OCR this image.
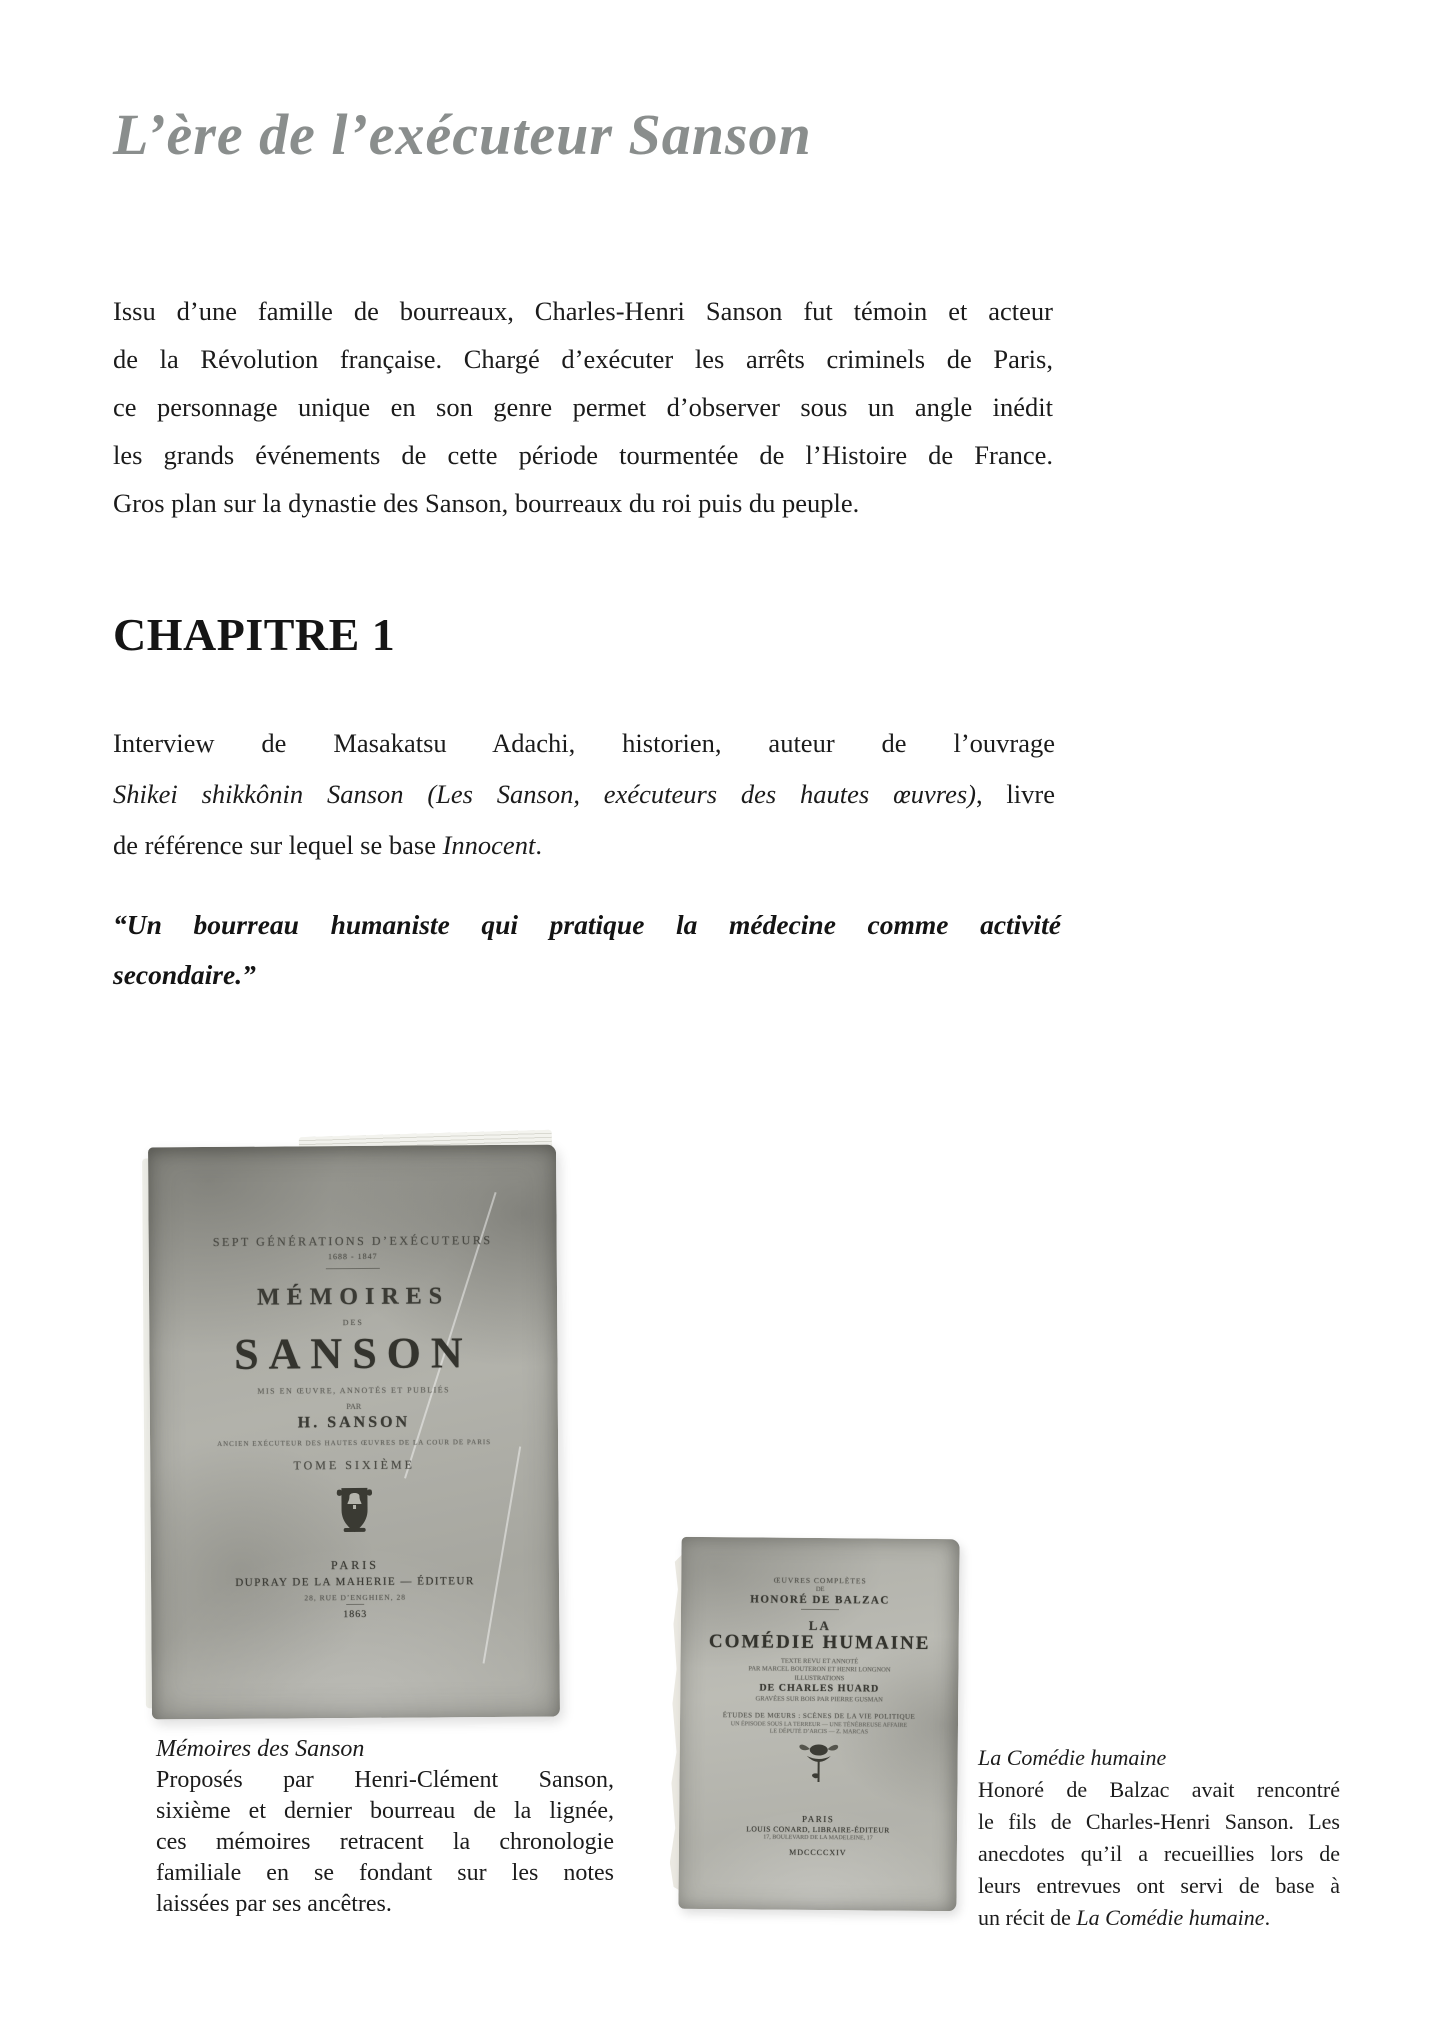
L’ère de l’exécuteur Sanson
Issu d’une famille de bourreaux, Charles-Henri Sanson fut témoin et acteur
de la Révolution française. Chargé d’exécuter les arrêts criminels de Paris,
ce personnage unique en son genre permet d’observer sous un angle inédit
les grands événements de cette période tourmentée de l’Histoire de France.
Gros plan sur la dynastie des Sanson, bourreaux du roi puis du peuple.
CHAPITRE 1
Interview de Masakatsu Adachi, historien, auteur de l’ouvrage
Shikei shikkônin Sanson (Les Sanson, exécuteurs des hautes œuvres), livre
de référence sur lequel se base Innocent.
“Un bourreau humaniste qui pratique la médecine comme activité
secondaire.”
SEPT GÉNÉRATIONS D’EXÉCUTEURS
1688 - 1847
MÉMOIRES
DES
SANSON
MIS EN ŒUVRE, ANNOTÉS ET PUBLIÉS
PAR
H. SANSON
ANCIEN EXÉCUTEUR DES HAUTES ŒUVRES DE LA COUR DE PARIS
TOME SIXIÈME
PARIS
DUPRAY DE LA MAHERIE — ÉDITEUR
28, RUE D’ENGHIEN, 28
1863
Mémoires des Sanson
Proposés par Henri-Clément Sanson,
sixième et dernier bourreau de la lignée,
ces mémoires retracent la chronologie
familiale en se fondant sur les notes
laissées par ses ancêtres.
ŒUVRES COMPLÈTES
DE
HONORÉ DE BALZAC
LA
COMÉDIE HUMAINE
TEXTE REVU ET ANNOTÉ
PAR MARCEL BOUTERON ET HENRI LONGNON
ILLUSTRATIONS
DE CHARLES HUARD
GRAVÉES SUR BOIS PAR PIERRE GUSMAN
ÉTUDES DE MŒURS : SCÈNES DE LA VIE POLITIQUE
UN ÉPISODE SOUS LA TERREUR — UNE TÉNÉBREUSE AFFAIRE
LE DÉPUTÉ D’ARCIS — Z. MARCAS
PARIS
LOUIS CONARD, LIBRAIRE-ÉDITEUR
17, BOULEVARD DE LA MADELEINE, 17
MDCCCCXIV
La Comédie humaine
Honoré de Balzac avait rencontré
le fils de Charles-Henri Sanson. Les
anecdotes qu’il a recueillies lors de
leurs entrevues ont servi de base à
un récit de La Comédie humaine.
